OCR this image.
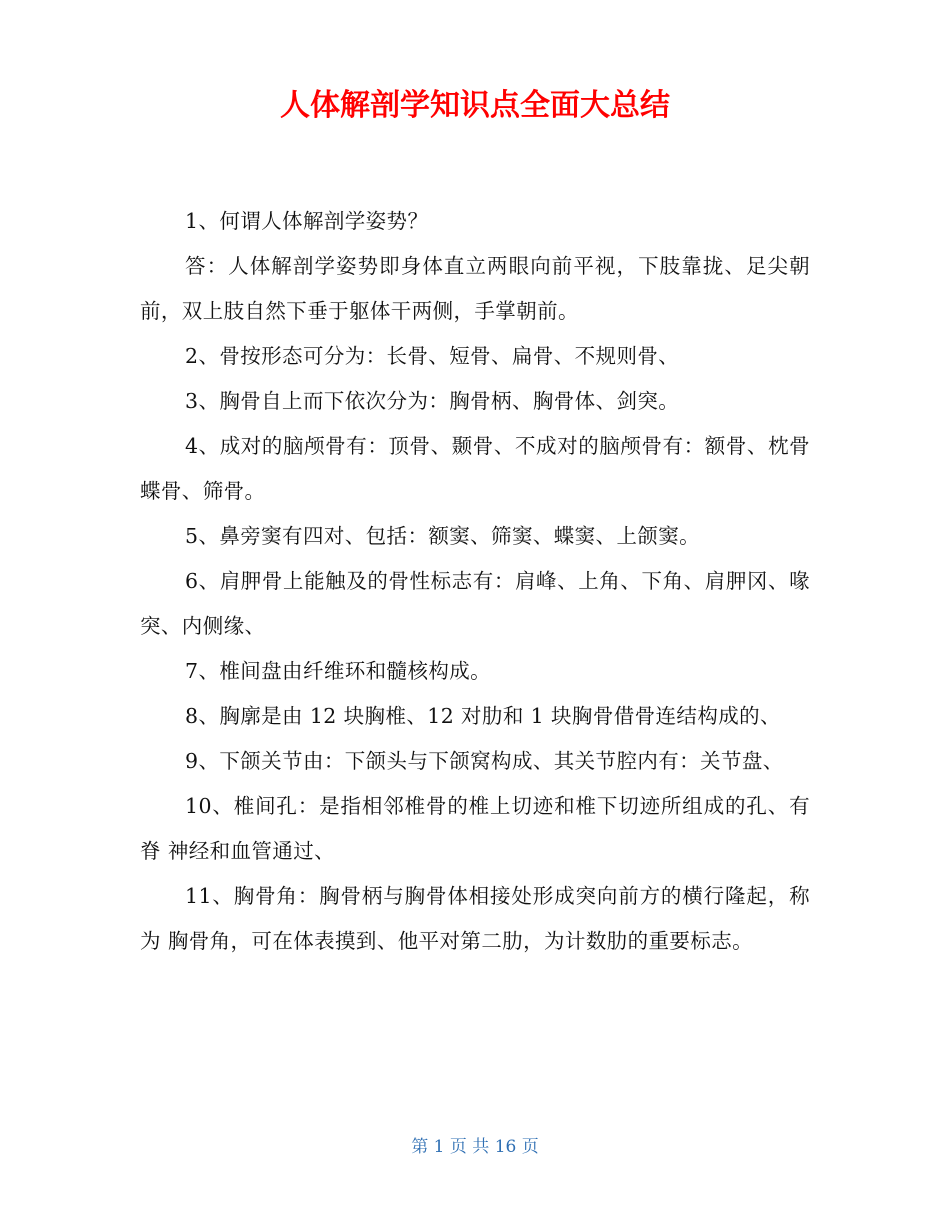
人体解剖学知识点全面大总结

1、何谓人体解剖学姿势？

答：人体解剖学姿势即身体直立两眼向前平视，下肢靠拢、足尖朝 前，双上肢自然下垂于躯体干两侧，手掌朝前。

2、骨按形态可分为：长骨、短骨、扁骨、不规则骨、

3、胸骨自上而下依次分为：胸骨柄、胸骨体、剑突。

4、成对的脑颅骨有：顶骨、颞骨、不成对的脑颅骨有：额骨、枕骨蝶骨、筛骨。

5、鼻旁窦有四对、包括：额窦、筛窦、蝶窦、上颌窦。

6、肩胛骨上能触及的骨性标志有：肩峰、上角、下角、肩胛冈、喙突、内侧缘、

7、椎间盘由纤维环和髓核构成。

8、胸廓是由 12 块胸椎、12 对肋和 1 块胸骨借骨连结构成的、

9、下颌关节由：下颌头与下颌窝构成、其关节腔内有：关节盘、

10、椎间孔：是指相邻椎骨的椎上切迹和椎下切迹所组成的孔、有脊 神经和血管通过、

11、胸骨角：胸骨柄与胸骨体相接处形成突向前方的横行隆起，称为 胸骨角，可在体表摸到、他平对第二肋，为计数肋的重要标志。

第 1 页 共 16 页
